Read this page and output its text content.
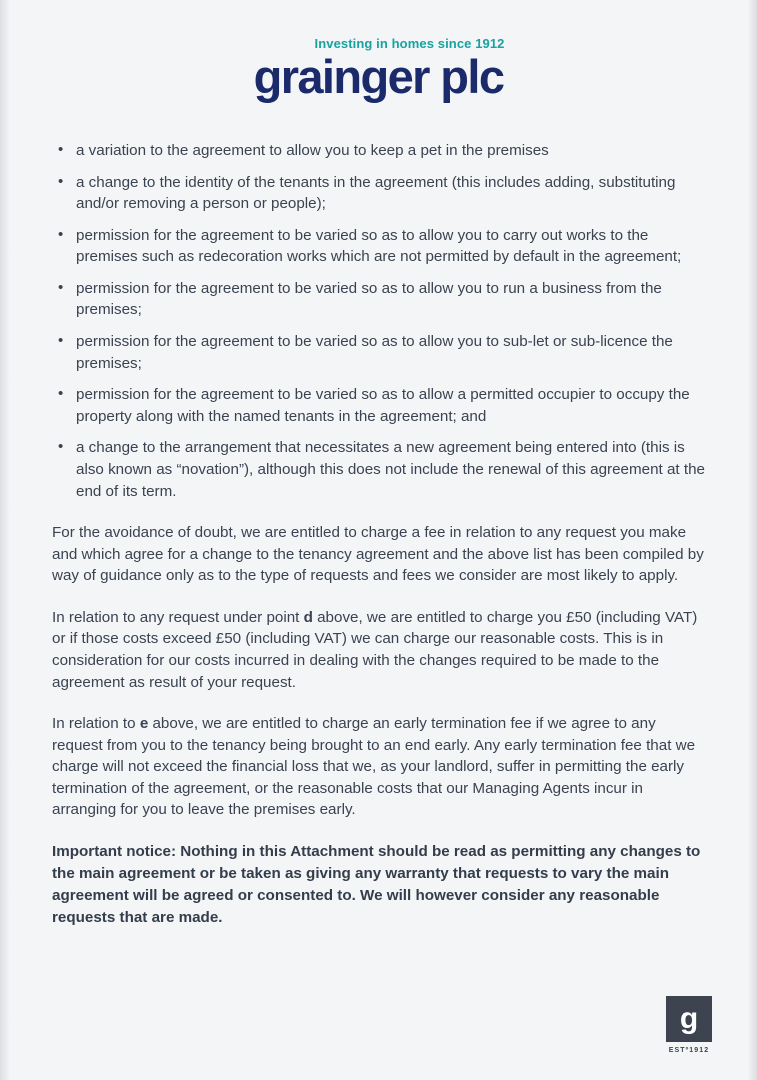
Investing in homes since 1912
grainger plc
• a variation to the agreement to allow you to keep a pet in the premises
• a change to the identity of the tenants in the agreement (this includes adding, substituting and/or removing a person or people);
• permission for the agreement to be varied so as to allow you to carry out works to the premises such as redecoration works which are not permitted by default in the agreement;
• permission for the agreement to be varied so as to allow you to run a business from the premises;
• permission for the agreement to be varied so as to allow you to sub-let or sub-licence the premises;
• permission for the agreement to be varied so as to allow a permitted occupier to occupy the property along with the named tenants in the agreement; and
• a change to the arrangement that necessitates a new agreement being entered into (this is also known as “novation”), although this does not include the renewal of this agreement at the end of its term.

For the avoidance of doubt, we are entitled to charge a fee in relation to any request you make and which agree for a change to the tenancy agreement and the above list has been compiled by way of guidance only as to the type of requests and fees we consider are most likely to apply.

In relation to any request under point d above, we are entitled to charge you £50 (including VAT) or if those costs exceed £50 (including VAT) we can charge our reasonable costs. This is in consideration for our costs incurred in dealing with the changes required to be made to the agreement as result of your request.

In relation to e above, we are entitled to charge an early termination fee if we agree to any request from you to the tenancy being brought to an end early. Any early termination fee that we charge will not exceed the financial loss that we, as your landlord, suffer in permitting the early termination of the agreement, or the reasonable costs that our Managing Agents incur in arranging for you to leave the premises early.

Important notice: Nothing in this Attachment should be read as permitting any changes to the main agreement or be taken as giving any warranty that requests to vary the main agreement will be agreed or consented to. We will however consider any reasonable requests that are made.

g
ESTº1912
